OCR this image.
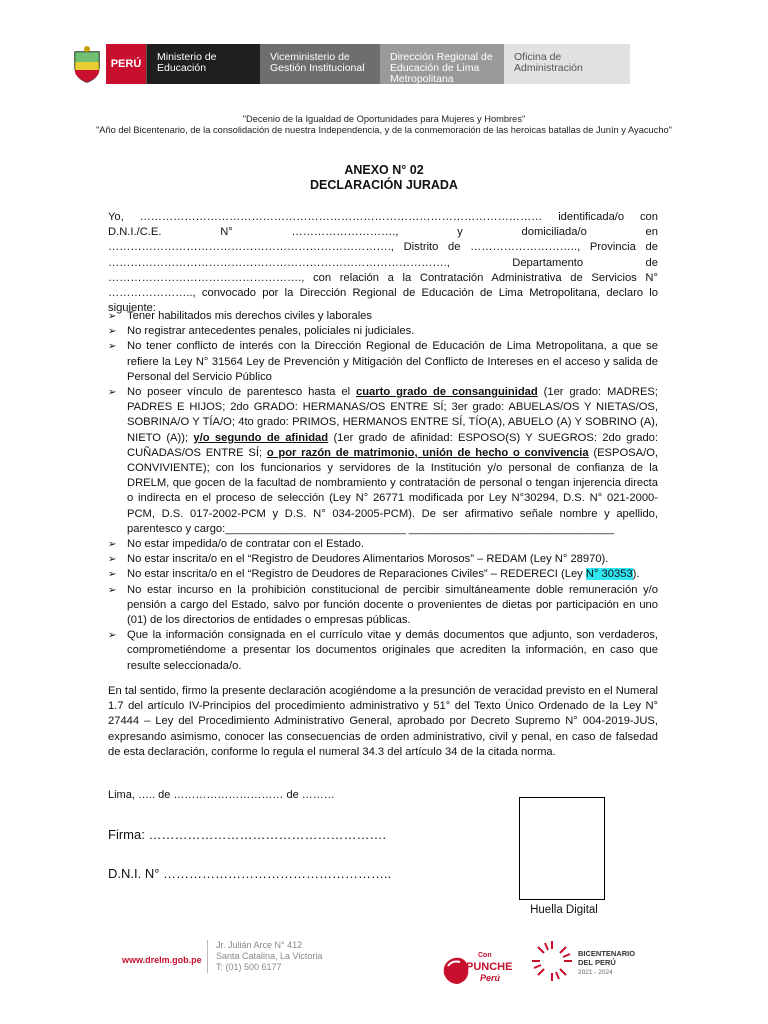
PERÚ
Ministerio de Educación
Viceministerio de Gestión Institucional
Dirección Regional de Educación de Lima Metropolitana
Oficina de Administración
"Decenio de la Igualdad de Oportunidades para Mujeres y Hombres"
"Año del Bicentenario, de la consolidación de nuestra Independencia, y de la conmemoración de las heroicas batallas de Junín y Ayacucho"
ANEXO N° 02
DECLARACIÓN JURADA
Yo, ……………………………………………………………………………………………… identificada/o con D.N.I./C.E. N° ………………………., y domiciliada/o en …………………………………………………………………., Distrito de ……………………….., Provincia de ………………………………………………………………………………., Departamento de ……………………………………………., con relación a la Contratación Administrativa de Servicios N° ………………….., convocado por la Dirección Regional de Educación de Lima Metropolitana, declaro lo siguiente:
➢ Tener habilitados mis derechos civiles y laborales
➢ No registrar antecedentes penales, policiales ni judiciales.
➢ No tener conflicto de interés con la Dirección Regional de Educación de Lima Metropolitana, a que se refiere la Ley N° 31564 Ley de Prevención y Mitigación del Conflicto de Intereses en el acceso y salida de Personal del Servicio Público
➢ No poseer vínculo de parentesco hasta el cuarto grado de consanguinidad (1er grado: MADRES; PADRES E HIJOS; 2do GRADO: HERMANAS/OS ENTRE SÍ; 3er grado: ABUELAS/OS Y NIETAS/OS, SOBRINA/O Y TÍA/O; 4to grado: PRIMOS, HERMANOS ENTRE SÍ, TÍO(A), ABUELO (A) Y SOBRINO (A), NIETO (A)); y/o segundo de afinidad (1er grado de afinidad: ESPOSO(S) Y SUEGROS: 2do grado: CUÑADAS/OS ENTRE SÍ; o por razón de matrimonio, unión de hecho o convivencia (ESPOSA/O, CONVIVIENTE); con los funcionarios y servidores de la Institución y/o personal de confianza de la DRELM, que gocen de la facultad de nombramiento y contratación de personal o tengan injerencia directa o indirecta en el proceso de selección (Ley N° 26771 modificada por Ley N°30294, D.S. N° 021-2000-PCM, D.S. 017-2002-PCM y D.S. N° 034-2005-PCM). De ser afirmativo señale nombre y apellido, parentesco y cargo:_____________________________ _________________________________
➢ No estar impedida/o de contratar con el Estado.
➢ No estar inscrita/o en el “Registro de Deudores Alimentarios Morosos” – REDAM (Ley N° 28970).
➢ No estar inscrita/o en el “Registro de Deudores de Reparaciones Civiles” – REDERECI (Ley N° 30353).
➢ No estar incurso en la prohibición constitucional de percibir simultáneamente doble remuneración y/o pensión a cargo del Estado, salvo por función docente o provenientes de dietas por participación en uno (01) de los directorios de entidades o empresas públicas.
➢ Que la información consignada en el currículo vitae y demás documentos que adjunto, son verdaderos, comprometiéndome a presentar los documentos originales que acrediten la información, en caso que resulte seleccionada/o.
En tal sentido, firmo la presente declaración acogiéndome a la presunción de veracidad previsto en el Numeral 1.7 del artículo IV-Principios del procedimiento administrativo y 51° del Texto Único Ordenado de la Ley N° 27444 – Ley del Procedimiento Administrativo General, aprobado por Decreto Supremo N° 004-2019-JUS, expresando asimismo, conocer las consecuencias de orden administrativo, civil y penal, en caso de falsedad de esta declaración, conforme lo regula el numeral 34.3 del artículo 34 de la citada norma.
Lima, ….. de ………………………… de ………
Firma: ……………………………………………….
D.N.I. N° ……………………………………………..
Huella Digital
www.drelm.gob.pe
Jr. Julián Arce N° 412
Santa Catalina, La Victoria
T: (01) 500 6177
Con
PUNCHE
Perú
BICENTENARIO
DEL PERÚ
2021 - 2024
